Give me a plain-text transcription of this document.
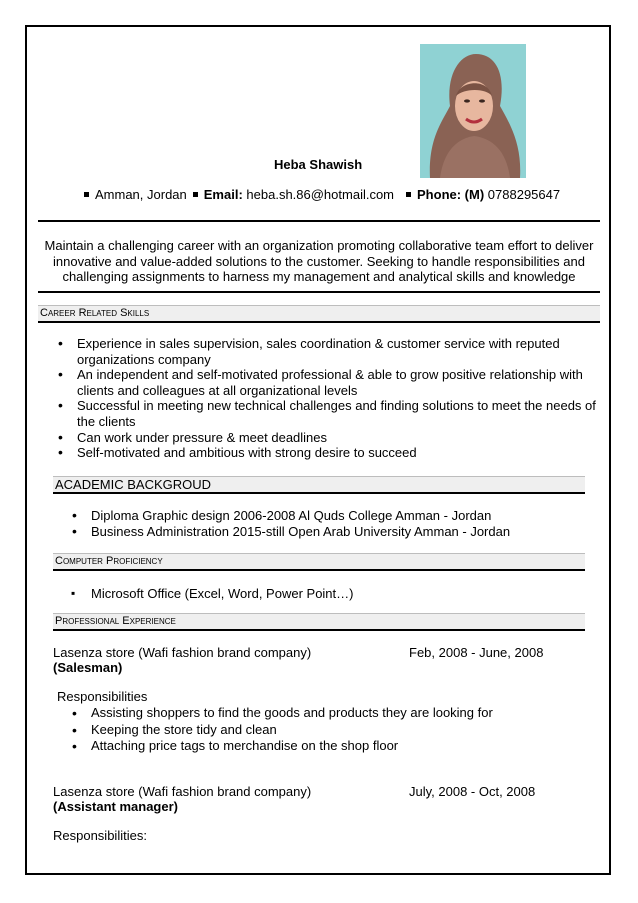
Heba Shawish
Amman, Jordan Email: heba.sh.86@hotmail.com Phone: (M) 0788295647
Maintain a challenging career with an organization promoting collaborative team effort to deliver innovative and value-added solutions to the customer. Seeking to handle responsibilities and challenging assignments to harness my management and analytical skills and knowledge
Career Related Skills
• Experience in sales supervision, sales coordination & customer service with reputed organizations company
• An independent and self-motivated professional & able to grow positive relationship with clients and colleagues at all organizational levels
• Successful in meeting new technical challenges and finding solutions to meet the needs of the clients
• Can work under pressure & meet deadlines
• Self-motivated and ambitious with strong desire to succeed
ACADEMIC BACKGROUD
• Diploma Graphic design 2006-2008 Al Quds College Amman - Jordan
• Business Administration 2015-still Open Arab University Amman - Jordan
Computer Proficiency
▪ Microsoft Office (Excel, Word, Power Point…)
Professional Experience
Lasenza store (Wafi fashion brand company)	Feb, 2008 - June, 2008
(Salesman)
Responsibilities
• Assisting shoppers to find the goods and products they are looking for
• Keeping the store tidy and clean
• Attaching price tags to merchandise on the shop floor
Lasenza store (Wafi fashion brand company)	July, 2008 - Oct, 2008
(Assistant manager)
Responsibilities:
